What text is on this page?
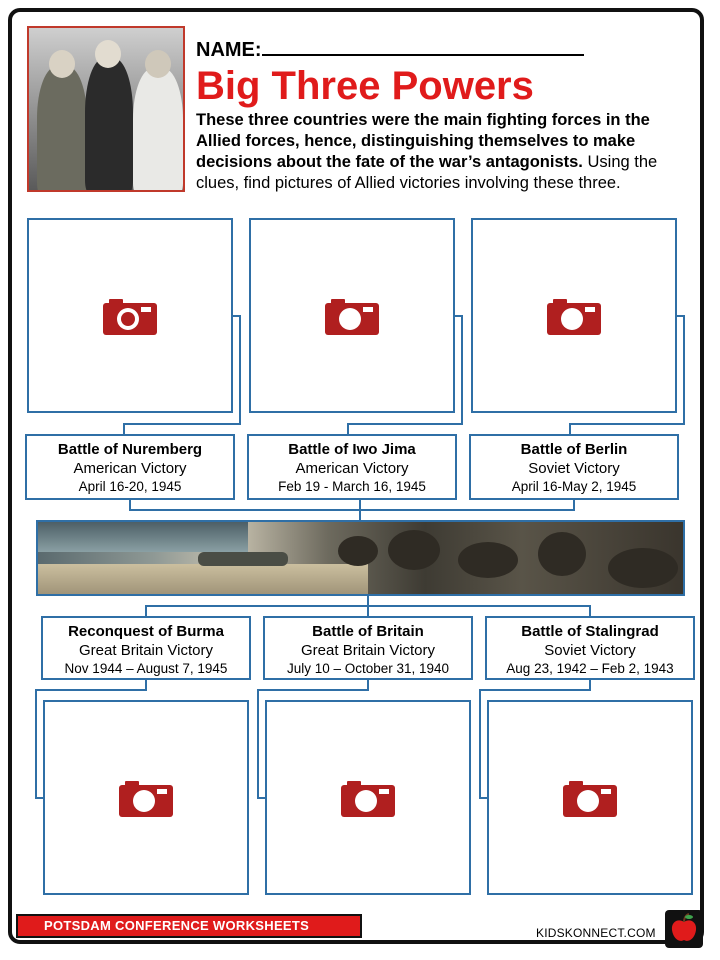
NAME:
Big Three Powers
These three countries were the main fighting forces in the Allied forces, hence, distinguishing themselves to make decisions about the fate of the war’s antagonists. Using the clues, find pictures of Allied victories involving these three.
Battle of Nuremberg
American Victory
April 16-20, 1945
Battle of Iwo Jima
American Victory
Feb 19 - March 16, 1945
Battle of Berlin
Soviet Victory
April 16-May 2, 1945
Reconquest of Burma
Great Britain Victory
Nov 1944 – August 7, 1945
Battle of Britain
Great Britain Victory
July 10 – October 31, 1940
Battle of Stalingrad
Soviet Victory
Aug 23, 1942 – Feb 2, 1943
POTSDAM CONFERENCE WORKSHEETS	KIDSKONNECT.COM
